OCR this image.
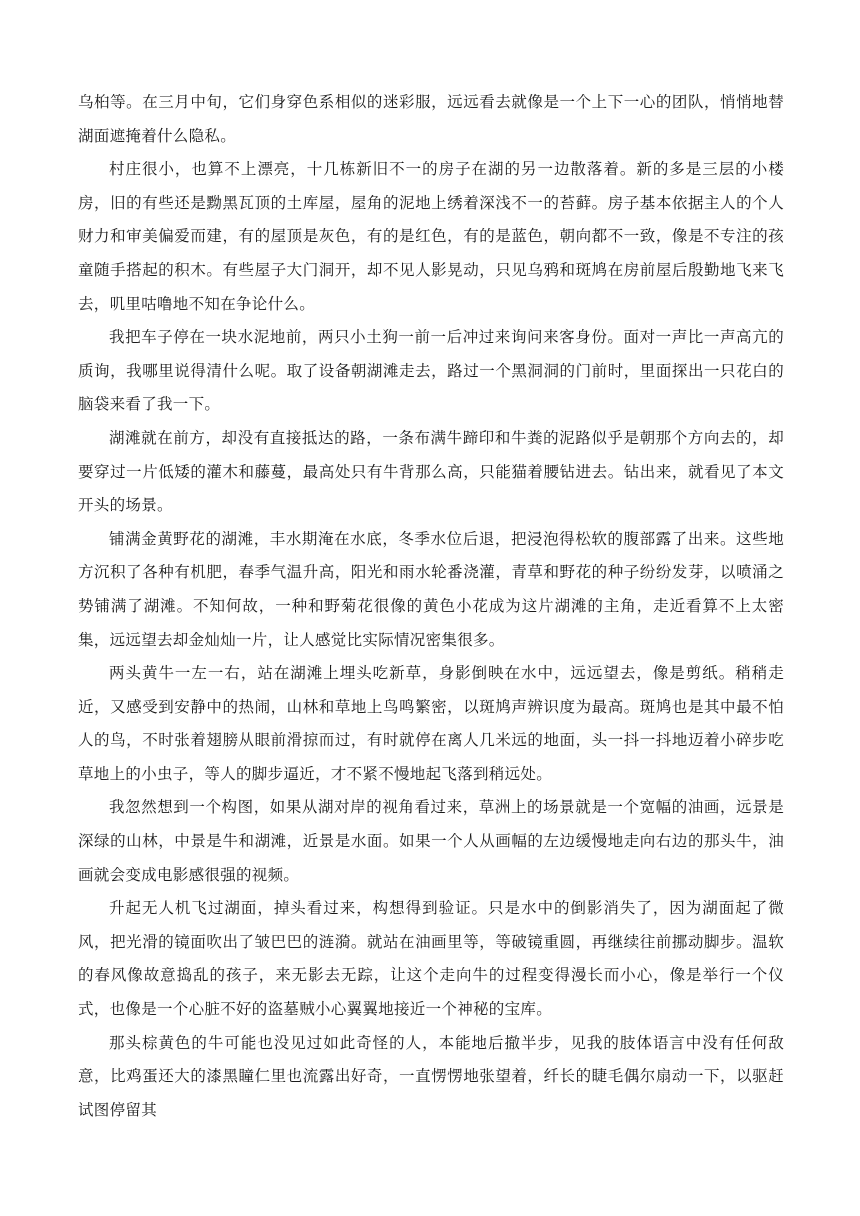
乌桕等。在三月中旬，它们身穿色系相似的迷彩服，远远看去就像是一个上下一心的团队，悄悄地替湖面遮掩着什么隐私。

村庄很小，也算不上漂亮，十几栋新旧不一的房子在湖的另一边散落着。新的多是三层的小楼房，旧的有些还是黝黑瓦顶的土库屋，屋角的泥地上绣着深浅不一的苔藓。房子基本依据主人的个人财力和审美偏爱而建，有的屋顶是灰色，有的是红色，有的是蓝色，朝向都不一致，像是不专注的孩童随手搭起的积木。有些屋子大门洞开，却不见人影晃动，只见乌鸦和斑鸠在房前屋后殷勤地飞来飞去，叽里咕噜地不知在争论什么。

我把车子停在一块水泥地前，两只小土狗一前一后冲过来询问来客身份。面对一声比一声高亢的质询，我哪里说得清什么呢。取了设备朝湖滩走去，路过一个黑洞洞的门前时，里面探出一只花白的脑袋来看了我一下。

湖滩就在前方，却没有直接抵达的路，一条布满牛蹄印和牛粪的泥路似乎是朝那个方向去的，却要穿过一片低矮的灌木和藤蔓，最高处只有牛背那么高，只能猫着腰钻进去。钻出来，就看见了本文开头的场景。

铺满金黄野花的湖滩，丰水期淹在水底，冬季水位后退，把浸泡得松软的腹部露了出来。这些地方沉积了各种有机肥，春季气温升高，阳光和雨水轮番浇灌，青草和野花的种子纷纷发芽，以喷涌之势铺满了湖滩。不知何故，一种和野菊花很像的黄色小花成为这片湖滩的主角，走近看算不上太密集，远远望去却金灿灿一片，让人感觉比实际情况密集很多。

两头黄牛一左一右，站在湖滩上埋头吃新草，身影倒映在水中，远远望去，像是剪纸。稍稍走近，又感受到安静中的热闹，山林和草地上鸟鸣繁密，以斑鸠声辨识度为最高。斑鸠也是其中最不怕人的鸟，不时张着翅膀从眼前滑掠而过，有时就停在离人几米远的地面，头一抖一抖地迈着小碎步吃草地上的小虫子，等人的脚步逼近，才不紧不慢地起飞落到稍远处。

我忽然想到一个构图，如果从湖对岸的视角看过来，草洲上的场景就是一个宽幅的油画，远景是深绿的山林，中景是牛和湖滩，近景是水面。如果一个人从画幅的左边缓慢地走向右边的那头牛，油画就会变成电影感很强的视频。

升起无人机飞过湖面，掉头看过来，构想得到验证。只是水中的倒影消失了，因为湖面起了微风，把光滑的镜面吹出了皱巴巴的涟漪。就站在油画里等，等破镜重圆，再继续往前挪动脚步。温软的春风像故意捣乱的孩子，来无影去无踪，让这个走向牛的过程变得漫长而小心，像是举行一个仪式，也像是一个心脏不好的盗墓贼小心翼翼地接近一个神秘的宝库。

那头棕黄色的牛可能也没见过如此奇怪的人，本能地后撤半步，见我的肢体语言中没有任何敌意，比鸡蛋还大的漆黑瞳仁里也流露出好奇，一直愣愣地张望着，纤长的睫毛偶尔扇动一下，以驱赶试图停留其
